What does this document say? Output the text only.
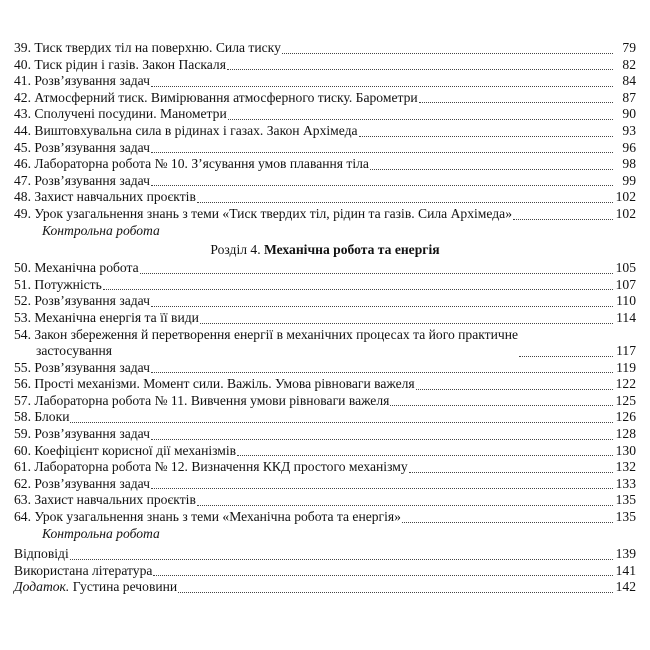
39. Тиск твердих тіл на поверхню. Сила тиску	79
40. Тиск рідин і газів. Закон Паскаля	82
41. Розв’язування задач	84
42. Атмосферний тиск. Вимірювання атмосферного тиску. Барометри	87
43. Сполучені посудини. Манометри	90
44. Виштовхувальна сила в рідинах і газах. Закон Архімеда	93
45. Розв’язування задач	96
46. Лабораторна робота № 10. З’ясування умов плавання тіла	98
47. Розв’язування задач	99
48. Захист навчальних проєктів	102
49. Урок узагальнення знань з теми «Тиск твердих тіл, рідин та газів. Сила Архімеда»	102
Контрольна робота
Розділ 4. Механічна робота та енергія
50. Механічна робота	105
51. Потужність	107
52. Розв’язування задач	110
53. Механічна енергія та її види	114
54. Закон збереження й перетворення енергії в механічних процесах та його практичне
застосування	117
55. Розв’язування задач	119
56. Прості механізми. Момент сили. Важіль. Умова рівноваги важеля	122
57. Лабораторна робота № 11. Вивчення умови рівноваги важеля	125
58. Блоки	126
59. Розв’язування задач	128
60. Коефіцієнт корисної дії механізмів	130
61. Лабораторна робота № 12. Визначення ККД простого механізму	132
62. Розв’язування задач	133
63. Захист навчальних проєктів	135
64. Урок узагальнення знань з теми «Механічна робота та енергія»	135
Контрольна робота
Відповіді	139
Використана література	141
Додаток. Густина речовини	142
